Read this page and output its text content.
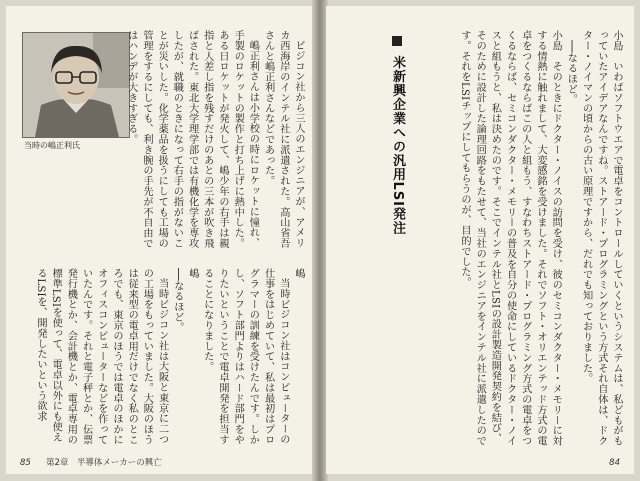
当時の嶋正利氏	ビジコン社から三人のエンジニアが、アメリカ西海岸のインテル社に派遣された。高山省吾さんと嶋正利さんなどであった。

嶋正利さんは小学校の時にロケットに憧れ、手製のロケットの製作と打ち上げに熱中した。ある日ロケットが発火して、嶋少年の右手は親指と人差し指を残すだけのあとの三本が吹き飛ばされた。東北大学理学部では有機化学を専攻したが、就職のときになって右手の指がないことが災いした。化学薬品を扱うにしても工場の管理をするにしても、利き腕の手先が不自由ではハンデが大きすぎる。

嶋

当時ビジコン社はコンピューターの仕事をはじめていて、私は最初はプログラマーの訓練を受けたんです。しかし、ソフト部門よりはハード部門をやりたいということで電卓開発を担当することになりました。

嶋

──なるほど。

当時ビジコン社は大阪と東京に二つの工場をもっていました。大阪のほうは従来型の電卓用だけでなく私のところでも、東京のほうでは電卓のほかにオフィスコンピューターなどを作っていたんです。それと電子秤とか、伝票発行機とか、会計機とか、電卓専用の標準LSIを使って、電卓以外にも使えるLSIを、開発したいという欲求

85 第2章　半導体メーカーの興亡
米新興企業への汎用LSI発注	小島　いわばソフトウエアで電卓をコントロールしていくというシステムは、私どもがもっていたアイデアなんですね。ストアード・プログラミングという方式それ自体は、ドクター・ノイマンの頃からの古い原理ですから、だれでも知っておりました。

──なるほど。

小島　そのときにドクター・ノイスの訪問を受け、彼のセミコンダクター・メモリーに対する情熱に触れまして、大変感銘を受けました。それでソフト・オリエンテッド方式の電卓をつくるならばこの人と組もう、すなわちストアード・プログラミング方式の電卓をつくるならば、セミコンダクター・メモリーの普及を自分の使命にしているドクター・ノイスと組もうと、私は決めたのです。そこでインテル社とLSIの設計製造開発契約を結び、そのために設計した論理回路をもたせて、当社のエンジニアをインテル社に派遣したのです。それをLSIチップにしてもらうのが、目的でした。

84
